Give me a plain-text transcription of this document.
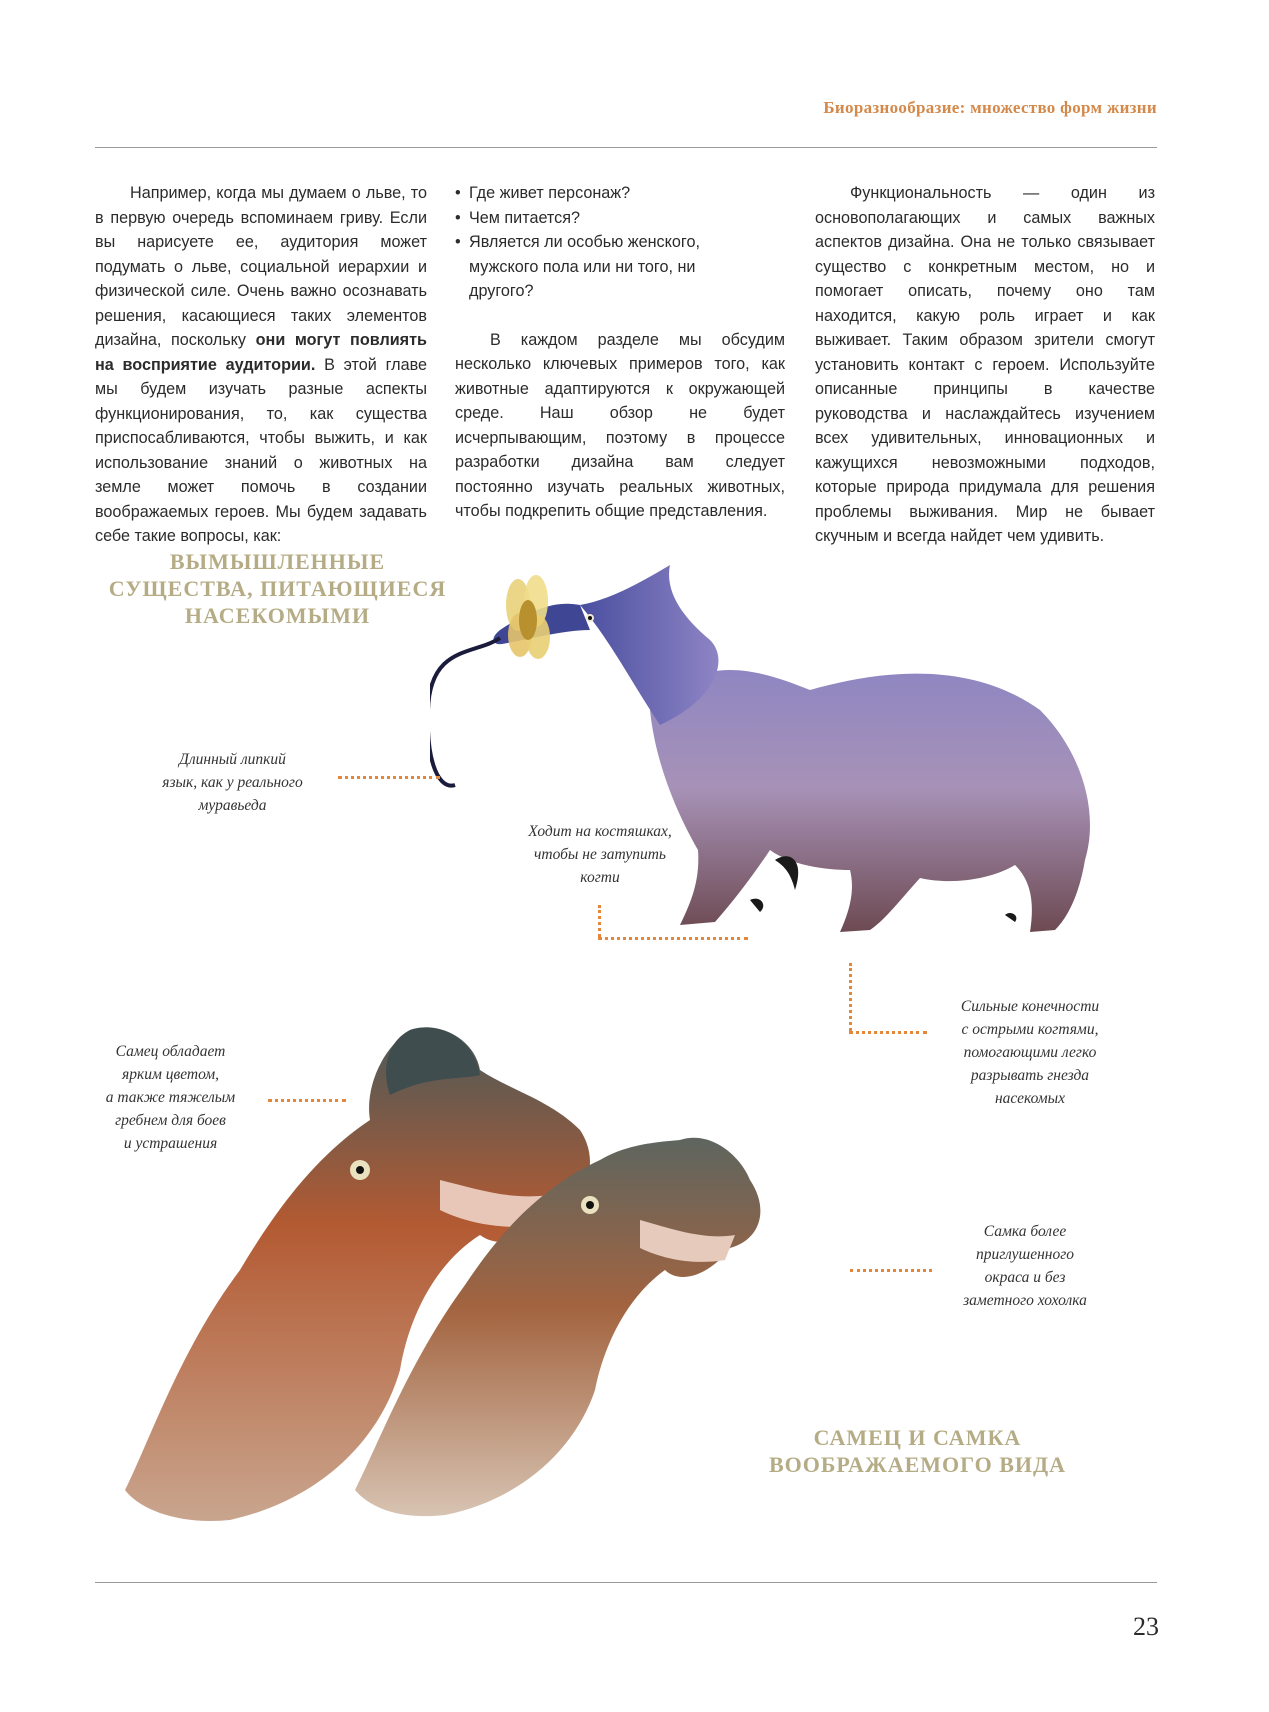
Биоразнообразие: множество форм жизни

Например, когда мы думаем о льве, то в первую очередь вспоминаем гриву. Если вы нарисуете ее, аудитория может подумать о льве, социальной иерархии и физической силе. Очень важно осознавать решения, касающиеся таких элементов дизайна, поскольку они могут повлиять на восприятие аудитории. В этой главе мы будем изучать разные аспекты функционирования, то, как существа приспосабливаются, чтобы выжить, и как использование знаний о животных на земле может помочь в создании воображаемых героев. Мы будем задавать себе такие вопросы, как:

• Где живет персонаж?
• Чем питается?
• Является ли особью женского, мужского пола или ни того, ни другого?

В каждом разделе мы обсудим несколько ключевых примеров того, как животные адаптируются к окружающей среде. Наш обзор не будет исчерпывающим, поэтому в процессе разработки дизайна вам следует постоянно изучать реальных животных, чтобы подкрепить общие представления.

Функциональность — один из основополагающих и самых важных аспектов дизайна. Она не только связывает существо с конкретным местом, но и помогает описать, почему оно там находится, какую роль играет и как выживает. Таким образом зрители смогут установить контакт с героем. Используйте описанные принципы в качестве руководства и наслаждайтесь изучением всех удивительных, инновационных и кажущихся невозможными подходов, которые природа придумала для решения проблемы выживания. Мир не бывает скучным и всегда найдет чем удивить.

ВЫМЫШЛЕННЫЕ
СУЩЕСТВА, ПИТАЮЩИЕСЯ
НАСЕКОМЫМИ
Длинный липкий
язык, как у реального
муравьеда
Ходит на костяшках,
чтобы не затупить
когти
Сильные конечности
с острыми когтями,
помогающими легко
разрывать гнезда
насекомых
Самец обладает
ярким цветом,
а также тяжелым
гребнем для боев
и устрашения
Самка более
приглушенного
окраса и без
заметного хохолка
САМЕЦ И САМКА
ВООБРАЖАЕМОГО ВИДА
23
